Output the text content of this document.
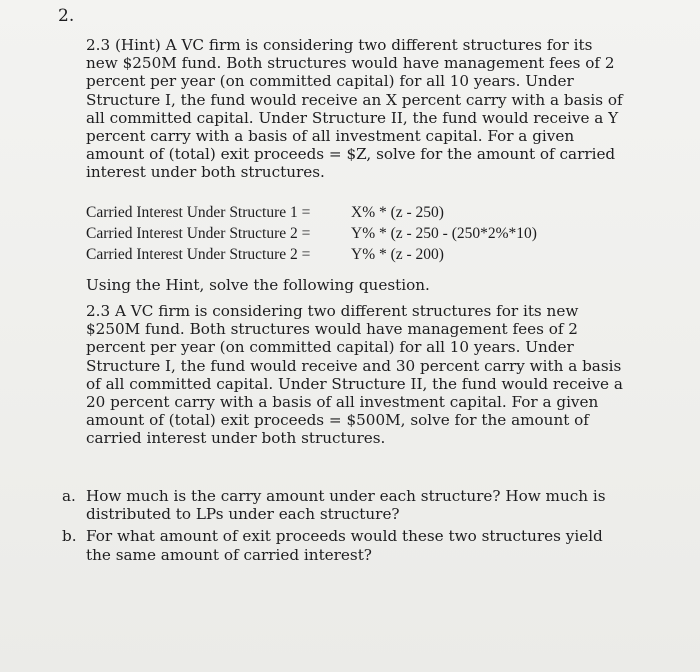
2.
2.3 (Hint) A VC firm is considering two different structures for its new $250M fund. Both structures would have management fees of 2 percent per year (on committed capital) for all 10 years. Under Structure I, the fund would receive an X percent carry with a basis of all committed capital. Under Structure II, the fund would receive a Y percent carry with a basis of all investment capital. For a given amount of (total) exit proceeds = $Z, solve for the amount of carried interest under both structures.
Carried Interest Under Structure 1 =	X% * (z - 250)
Carried Interest Under Structure 2 =	Y% * (z - 250 - (250*2%*10)
Carried Interest Under Structure 2 =	Y% * (z - 200)
Using the Hint, solve the following question.
2.3 A VC firm is considering two different structures for its new $250M fund. Both structures would have management fees of 2 percent per year (on committed capital) for all 10 years. Under Structure I, the fund would receive and 30 percent carry with a basis of all committed capital. Under Structure II, the fund would receive a 20 percent carry with a basis of all investment capital. For a given amount of (total) exit proceeds = $500M, solve for the amount of carried interest under both structures.
a. How much is the carry amount under each structure? How much is distributed to LPs under each structure?
b. For what amount of exit proceeds would these two structures yield the same amount of carried interest?
